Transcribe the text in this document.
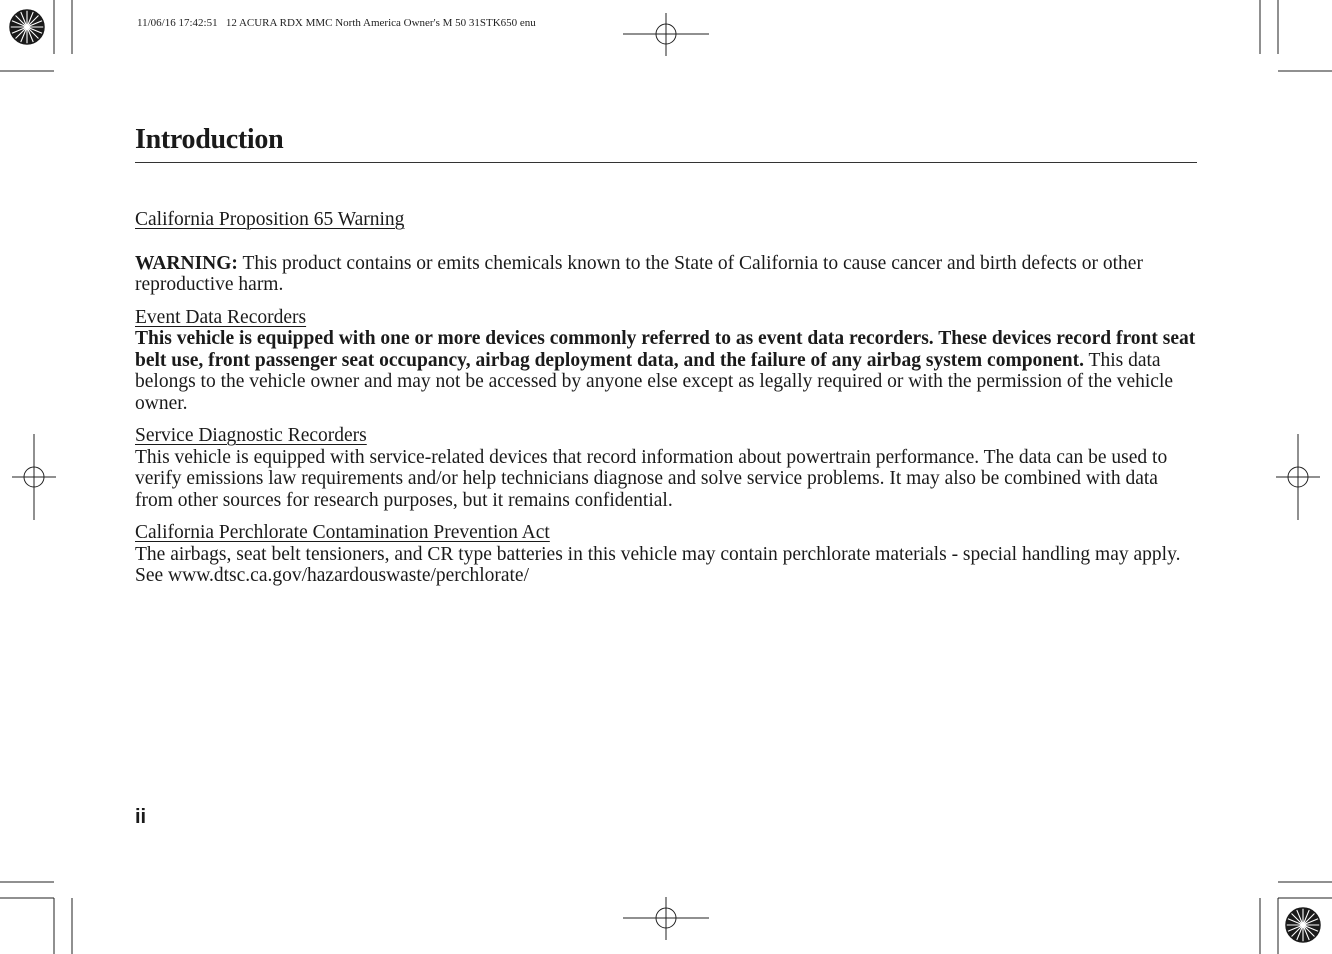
11/06/16 17:42:51   12 ACURA RDX MMC North America Owner's M 50 31STK650 enu
Introduction
California Proposition 65 Warning

WARNING: This product contains or emits chemicals known to the State of California to cause cancer and birth defects or other reproductive harm.

Event Data Recorders
This vehicle is equipped with one or more devices commonly referred to as event data recorders. These devices record front seat belt use, front passenger seat occupancy, airbag deployment data, and the failure of any airbag system component. This data belongs to the vehicle owner and may not be accessed by anyone else except as legally required or with the permission of the vehicle owner.
Service Diagnostic Recorders
This vehicle is equipped with service-related devices that record information about powertrain performance. The data can be used to verify emissions law requirements and/or help technicians diagnose and solve service problems. It may also be combined with data from other sources for research purposes, but it remains confidential.
California Perchlorate Contamination Prevention Act
The airbags, seat belt tensioners, and CR type batteries in this vehicle may contain perchlorate materials - special handling may apply. See www.dtsc.ca.gov/hazardouswaste/perchlorate/
ii
